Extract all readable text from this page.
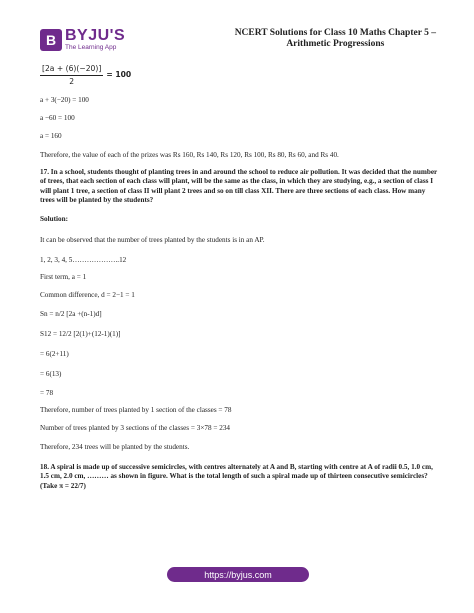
B BYJU'S
The Learning App
NCERT Solutions for Class 10 Maths Chapter 5 –
Arithmetic Progressions
$\frac{[2a + (6)(-20)]}{2} = 100$

a + 3(−20) = 100

a −60 = 100

a = 160

Therefore, the value of each of the prizes was Rs 160, Rs 140, Rs 120, Rs 100, Rs 80, Rs 60, and Rs 40.

17. In a school, students thought of planting trees in and around the school to reduce air pollution. It was decided that the number of trees, that each section of each class will plant, will be the same as the class, in which they are studying, e.g., a section of class I will plant 1 tree, a section of class II will plant 2 trees and so on till class XII. There are three sections of each class. How many trees will be planted by the students?

Solution:

It can be observed that the number of trees planted by the students is in an AP.

1, 2, 3, 4, 5………………..12

First term, a = 1

Common difference, d = 2−1 = 1

Sn = n/2 [2a +(n-1)d]

S12 = 12/2 [2(1)+(12-1)(1)]

= 6(2+11)

= 6(13)

= 78

Therefore, number of trees planted by 1 section of the classes = 78

Number of trees planted by 3 sections of the classes = 3×78 = 234

Therefore, 234 trees will be planted by the students.

18. A spiral is made up of successive semicircles, with centres alternately at A and B, starting with centre at A of radii 0.5, 1.0 cm, 1.5 cm, 2.0 cm, ……… as shown in figure. What is the total length of such a spiral made up of thirteen consecutive semicircles? (Take π = 22/7)

https://byjus.com
